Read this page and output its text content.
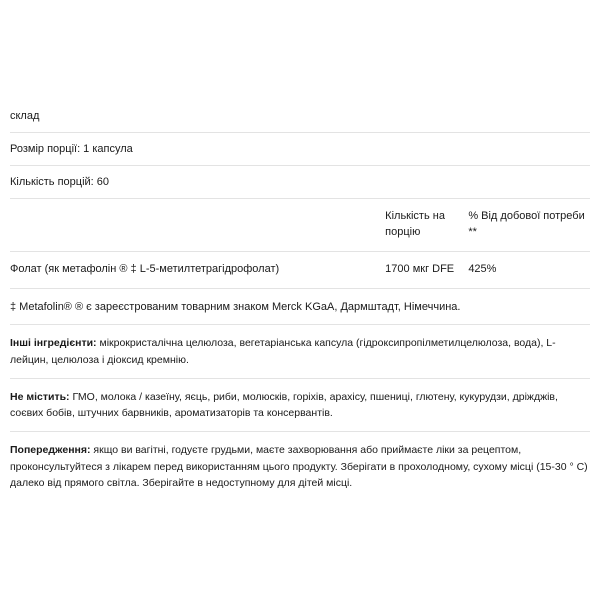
склад
Розмір порції: 1 капсула
Кількість порцій: 60
	Кількість на порцію	% Від добової потреби **
Фолат (як метафолін ® ‡ L-5-метилтетрагідрофолат)	1700 мкг DFE	425%
‡ Metafolin® ® є зареєстрованим товарним знаком Merck KGaA, Дармштадт, Німеччина.
Інші інгредієнти: мікрокристалічна целюлоза, вегетаріанська капсула (гідроксипропілметилцелюлоза, вода), L-лейцин, целюлоза і діоксид кремнію.
Не містить: ГМО, молока / казеїну, яєць, риби, молюсків, горіхів, арахісу, пшениці, глютену, кукурудзи, дріжджів, соєвих бобів, штучних барвників, ароматизаторів та консервантів.
Попередження: якщо ви вагітні, годуєте грудьми, маєте захворювання або приймаєте ліки за рецептом, проконсультуйтеся з лікарем перед використанням цього продукту. Зберігати в прохолодному, сухому місці (15-30 ° С) далеко від прямого світла. Зберігайте в недоступному для дітей місці.
